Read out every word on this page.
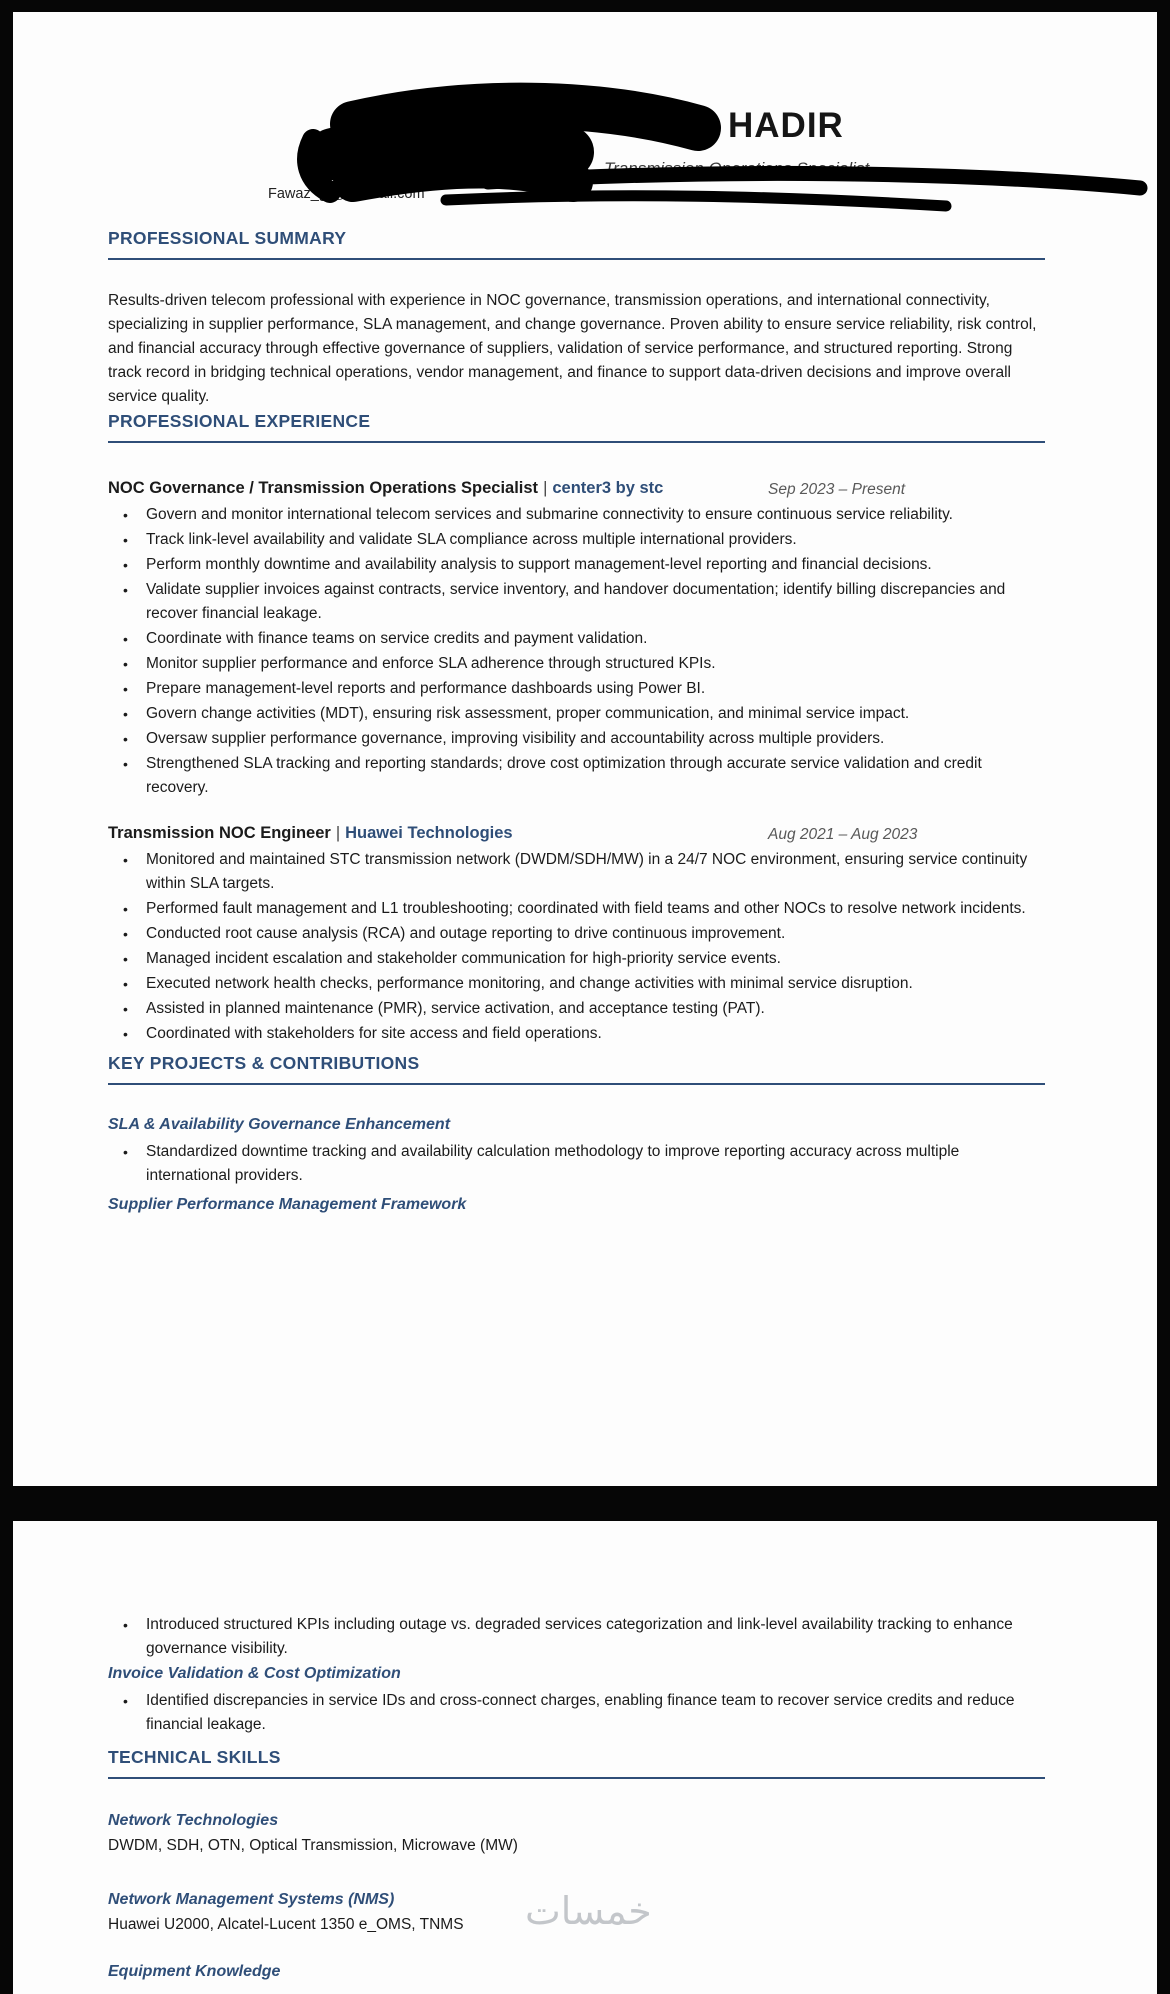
HADIR
Transmission Operations Specialist
Fawaz_gr@hotmail.com
PROFESSIONAL SUMMARY
Results-driven telecom professional with experience in NOC governance, transmission operations, and international connectivity, specializing in supplier performance, SLA management, and change governance. Proven ability to ensure service reliability, risk control, and financial accuracy through effective governance of suppliers, validation of service performance, and structured reporting. Strong track record in bridging technical operations, vendor management, and finance to support data-driven decisions and improve overall service quality.
PROFESSIONAL EXPERIENCE
NOC Governance / Transmission Operations Specialist | center3 by stc	Sep 2023 – Present
•	Govern and monitor international telecom services and submarine connectivity to ensure continuous service reliability.
•	Track link-level availability and validate SLA compliance across multiple international providers.
•	Perform monthly downtime and availability analysis to support management-level reporting and financial decisions.
•	Validate supplier invoices against contracts, service inventory, and handover documentation; identify billing discrepancies and recover financial leakage.
•	Coordinate with finance teams on service credits and payment validation.
•	Monitor supplier performance and enforce SLA adherence through structured KPIs.
•	Prepare management-level reports and performance dashboards using Power BI.
•	Govern change activities (MDT), ensuring risk assessment, proper communication, and minimal service impact.
•	Oversaw supplier performance governance, improving visibility and accountability across multiple providers.
•	Strengthened SLA tracking and reporting standards; drove cost optimization through accurate service validation and credit recovery.
Transmission NOC Engineer | Huawei Technologies	Aug 2021 – Aug 2023
•	Monitored and maintained STC transmission network (DWDM/SDH/MW) in a 24/7 NOC environment, ensuring service continuity within SLA targets.
•	Performed fault management and L1 troubleshooting; coordinated with field teams and other NOCs to resolve network incidents.
•	Conducted root cause analysis (RCA) and outage reporting to drive continuous improvement.
•	Managed incident escalation and stakeholder communication for high-priority service events.
•	Executed network health checks, performance monitoring, and change activities with minimal service disruption.
•	Assisted in planned maintenance (PMR), service activation, and acceptance testing (PAT).
•	Coordinated with stakeholders for site access and field operations.
KEY PROJECTS & CONTRIBUTIONS
SLA & Availability Governance Enhancement
•	Standardized downtime tracking and availability calculation methodology to improve reporting accuracy across multiple international providers.
Supplier Performance Management Framework
•	Introduced structured KPIs including outage vs. degraded services categorization and link-level availability tracking to enhance governance visibility.
Invoice Validation & Cost Optimization
•	Identified discrepancies in service IDs and cross-connect charges, enabling finance team to recover service credits and reduce financial leakage.
TECHNICAL SKILLS
Network Technologies
DWDM, SDH, OTN, Optical Transmission, Microwave (MW)
Network Management Systems (NMS)
Huawei U2000, Alcatel-Lucent 1350 e_OMS, TNMS
Equipment Knowledge
خمسات
